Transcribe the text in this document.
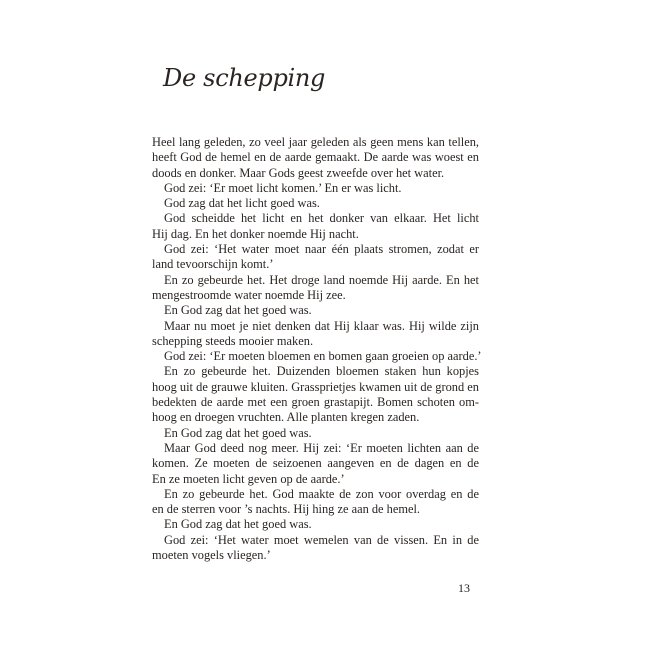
De schepping
Heel lang geleden, zo veel jaar geleden als geen mens kan tellen,
heeft God de hemel en de aarde gemaakt. De aarde was woest en
doods en donker. Maar Gods geest zweefde over het water.
God zei: ‘Er moet licht komen.’ En er was licht.
God zag dat het licht goed was.
God scheidde het licht en het donker van elkaar. Het licht
Hij dag. En het donker noemde Hij nacht.
God zei: ‘Het water moet naar één plaats stromen, zodat er
land tevoorschijn komt.’
En zo gebeurde het. Het droge land noemde Hij aarde. En het
mengestroomde water noemde Hij zee.
En God zag dat het goed was.
Maar nu moet je niet denken dat Hij klaar was. Hij wilde zijn
schepping steeds mooier maken.
God zei: ‘Er moeten bloemen en bomen gaan groeien op aarde.’
En zo gebeurde het. Duizenden bloemen staken hun kopjes
hoog uit de grauwe kluiten. Grassprietjes kwamen uit de grond en
bedekten de aarde met een groen grastapijt. Bomen schoten om-
hoog en droegen vruchten. Alle planten kregen zaden.
En God zag dat het goed was.
Maar God deed nog meer. Hij zei: ‘Er moeten lichten aan de
komen. Ze moeten de seizoenen aangeven en de dagen en de
En ze moeten licht geven op de aarde.’
En zo gebeurde het. God maakte de zon voor overdag en de
en de sterren voor ’s nachts. Hij hing ze aan de hemel.
En God zag dat het goed was.
God zei: ‘Het water moet wemelen van de vissen. En in de
moeten vogels vliegen.’
13
